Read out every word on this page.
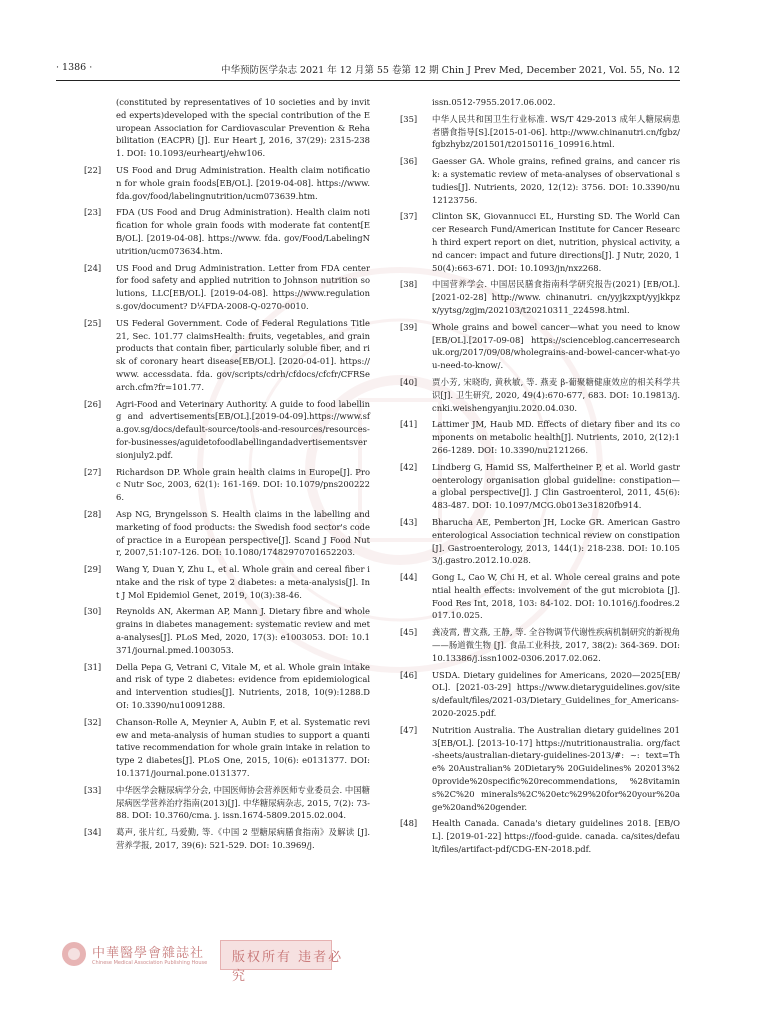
· 1386 ·	中华预防医学杂志 2021 年 12 月第 55 卷第 12 期 Chin J Prev Med, December 2021, Vol. 55, No. 12
(constituted by representatives of 10 societies and by invited experts)developed with the special contribution of the European Association for Cardiovascular Prevention & Rehabilitation (EACPR) [J]. Eur Heart J, 2016, 37(29): 2315-2381. DOI: 10.1093/eurheartj/ehw106.
[22]	US Food and Drug Administration. Health claim notification for whole grain foods[EB/OL]. [2019-04-08]. https://www.fda.gov/food/labelingnutrition/ucm073639.htm.
[23]	FDA (US Food and Drug Administration). Health claim notification for whole grain foods with moderate fat content[EB/OL]. [2019-04-08]. https://www. fda. gov/Food/LabelingNutrition/ucm073634.htm.
[24]	US Food and Drug Administration. Letter from FDA center for food safety and applied nutrition to Johnson nutrition solutions, LLC[EB/OL]. [2019-04-08]. https://www.regulations.gov/document? D¼FDA-2008-Q-0270-0010.
[25]	US Federal Government. Code of Federal Regulations Title 21, Sec. 101.77 claimsHealth: fruits, vegetables, and grain products that contain fiber, particularly soluble fiber, and risk of coronary heart disease[EB/OL]. [2020-04-01]. https://www. accessdata. fda. gov/scripts/cdrh/cfdocs/cfcfr/CFRSearch.cfm?fr=101.77.
[26]	Agri-Food and Veterinary Authority. A guide to food labelling and advertisements[EB/OL].[2019-04-09].https://www.sfa.gov.sg/docs/default-source/tools-and-resources/resources-for-businesses/aguidetofoodlabellingandadvertisementsversionjuly2.pdf.
[27]	Richardson DP. Whole grain health claims in Europe[J]. Proc Nutr Soc, 2003, 62(1): 161-169. DOI: 10.1079/pns2002226.
[28]	Asp NG, Bryngelsson S. Health claims in the labelling and marketing of food products: the Swedish food sector's code of practice in a European perspective[J]. Scand J Food Nutr, 2007,51:107-126. DOI: 10.1080/17482970701652203.
[29]	Wang Y, Duan Y, Zhu L, et al. Whole grain and cereal fiber intake and the risk of type 2 diabetes: a meta-analysis[J]. Int J Mol Epidemiol Genet, 2019, 10(3):38-46.
[30]	Reynolds AN, Akerman AP, Mann J. Dietary fibre and whole grains in diabetes management: systematic review and meta-analyses[J]. PLoS Med, 2020, 17(3): e1003053. DOI: 10.1371/journal.pmed.1003053.
[31]	Della Pepa G, Vetrani C, Vitale M, et al. Whole grain intake and risk of type 2 diabetes: evidence from epidemiological and intervention studies[J]. Nutrients, 2018, 10(9):1288.DOI: 10.3390/nu10091288.
[32]	Chanson-Rolle A, Meynier A, Aubin F, et al. Systematic review and meta-analysis of human studies to support a quantitative recommendation for whole grain intake in relation to type 2 diabetes[J]. PLoS One, 2015, 10(6): e0131377. DOI: 10.1371/journal.pone.0131377.
[33]	中华医学会糖尿病学分会, 中国医师协会营养医师专业委员会. 中国糖尿病医学营养治疗指南(2013)[J]. 中华糖尿病杂志, 2015, 7(2): 73-88. DOI: 10.3760/cma. j. issn.1674-5809.2015.02.004.
[34]	葛声, 张片红, 马爱勤, 等.《中国 2 型糖尿病膳食指南》及解读 [J]. 营养学报, 2017, 39(6): 521-529. DOI: 10.3969/j.
issn.0512-7955.2017.06.002.
[35]	中华人民共和国卫生行业标准. WS/T 429-2013 成年人糖尿病患者膳食指导[S].[2015-01-06]. http://www.chinanutri.cn/fgbz/fgbzhybz/201501/t20150116_109916.html.
[36]	Gaesser GA. Whole grains, refined grains, and cancer risk: a systematic review of meta-analyses of observational studies[J]. Nutrients, 2020, 12(12): 3756. DOI: 10.3390/nu12123756.
[37]	Clinton SK, Giovannucci EL, Hursting SD. The World Cancer Research Fund/American Institute for Cancer Research third expert report on diet, nutrition, physical activity, and cancer: impact and future directions[J]. J Nutr, 2020, 150(4):663-671. DOI: 10.1093/jn/nxz268.
[38]	中国营养学会. 中国居民膳食指南科学研究报告(2021) [EB/OL]. [2021-02-28] http://www. chinanutri. cn/yyjkzxpt/yyjkkpzx/yytsg/zgjm/202103/t20210311_224598.html.
[39]	Whole grains and bowel cancer—what you need to know [EB/OL].[2017-09-08] https://scienceblog.cancerresearchuk.org/2017/09/08/wholegrains-and-bowel-cancer-what-you-need-to-know/.
[40]	贾小芳, 宋晓昀, 黄秋敏, 等. 燕麦 β-葡聚糖健康效应的相关科学共识[J]. 卫生研究, 2020, 49(4):670-677, 683. DOI: 10.19813/j.cnki.weishengyanjiu.2020.04.030.
[41]	Lattimer JM, Haub MD. Effects of dietary fiber and its components on metabolic health[J]. Nutrients, 2010, 2(12):1266-1289. DOI: 10.3390/nu2121266.
[42]	Lindberg G, Hamid SS, Malfertheiner P, et al. World gastroenterology organisation global guideline: constipation—a global perspective[J]. J Clin Gastroenterol, 2011, 45(6): 483-487. DOI: 10.1097/MCG.0b013e31820fb914.
[43]	Bharucha AE, Pemberton JH, Locke GR. American Gastroenterological Association technical review on constipation[J]. Gastroenterology, 2013, 144(1): 218-238. DOI: 10.1053/j.gastro.2012.10.028.
[44]	Gong L, Cao W, Chi H, et al. Whole cereal grains and potential health effects: involvement of the gut microbiota [J]. Food Res Int, 2018, 103: 84-102. DOI: 10.1016/j.foodres.2017.10.025.
[45]	龚凌霄, 曹文燕, 王静, 等. 全谷物调节代谢性疾病机制研究的新视角——肠道微生物 [J]. 食品工业科技, 2017, 38(2): 364-369. DOI: 10.13386/j.issn1002-0306.2017.02.062.
[46]	USDA. Dietary guidelines for Americans, 2020—2025[EB/OL]. [2021-03-29] https://www.dietaryguidelines.gov/sites/default/files/2021-03/Dietary_Guidelines_for_Americans-2020-2025.pdf.
[47]	Nutrition Australia. The Australian dietary guidelines 2013[EB/OL]. [2013-10-17] https://nutritionaustralia. org/fact-sheets/australian-dietary-guidelines-2013/#: ~: text=The% 20Australian% 20Dietary% 20Guidelines% 202013%20provide%20specific%20recommendations, %28vitamins%2C%20 minerals%2C%20etc%29%20for%20your%20age%20and%20gender.
[48]	Health Canada. Canada's dietary guidelines 2018. [EB/OL]. [2019-01-22] https://food-guide. canada. ca/sites/default/files/artifact-pdf/CDG-EN-2018.pdf.
中華醫學會雜誌社
Chinese Medical Association Publishing House 版权所有 违者必究
